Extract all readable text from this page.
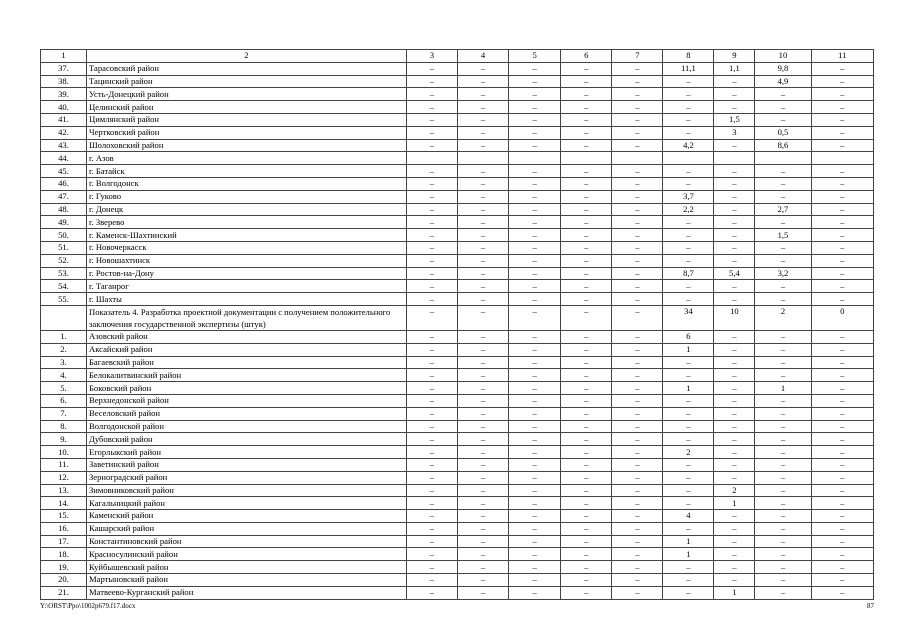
1	2	3	4	5	6	7	8	9	10	11
37.	Тарасовский район	–	–	–	–	–	11,1	1,1	9,8	–
38.	Тацинский район	–	–	–	–	–	–	–	4,9	–
39.	Усть-Донецкий район	–	–	–	–	–	–	–	–	–
40.	Целинский район	–	–	–	–	–	–	–	–	–
41.	Цимлянский район	–	–	–	–	–	–	1,5	–	–
42.	Чертковский район	–	–	–	–	–	–	3	0,5	–
43.	Шолоховский район	–	–	–	–	–	4,2	–	8,6	–
44.	г. Азов									
45.	г. Батайск	–	–	–	–	–	–	–	–	–
46.	г. Волгодонск	–	–	–	–	–	–	–	–	–
47.	г. Гуково	–	–	–	–	–	3,7	–	–	–
48.	г. Донецк	–	–	–	–	–	2,2	–	2,7	–
49.	г. Зверево	–	–	–	–	–	–	–	–	–
50.	г. Каменск-Шахтинский	–	–	–	–	–	–	–	1,5	–
51.	г. Новочеркасск	–	–	–	–	–	–	–	–	–
52.	г. Новошахтинск	–	–	–	–	–	–	–	–	–
53.	г. Ростов-на-Дону	–	–	–	–	–	8,7	5,4	3,2	–
54.	г. Таганрог	–	–	–	–	–	–	–	–	–
55.	г. Шахты	–	–	–	–	–	–	–	–	–
	Показатель 4. Разработка проектной документации с получением положительного заключения государственной экспертизы (штук)	–	–	–	–	–	34	10	2	0
1.	Азовский район	–	–	–	–	–	6	–	–	–
2.	Аксайский район	–	–	–	–	–	1	–	–	–
3.	Багаевский район	–	–	–	–	–	–	–	–	–
4.	Белокалитвинский район	–	–	–	–	–	–	–	–	–
5.	Боковский район	–	–	–	–	–	1	–	1	–
6.	Верхнедонской район	–	–	–	–	–	–	–	–	–
7.	Веселовский район	–	–	–	–	–	–	–	–	–
8.	Волгодонской район	–	–	–	–	–	–	–	–	–
9.	Дубовский район	–	–	–	–	–	–	–	–	–
10.	Егорлыкский район	–	–	–	–	–	2	–	–	–
11.	Заветинский район	–	–	–	–	–	–	–	–	–
12.	Зерноградский район	–	–	–	–	–	–	–	–	–
13.	Зимовниковский район	–	–	–	–	–	–	2	–	–
14.	Кагальницкий район	–	–	–	–	–	–	1	–	–
15.	Каменский район	–	–	–	–	–	4	–	–	–
16.	Кашарский район	–	–	–	–	–	–	–	–	–
17.	Константиновский район	–	–	–	–	–	1	–	–	–
18.	Красносулинский район	–	–	–	–	–	1	–	–	–
19.	Куйбышевский район	–	–	–	–	–	–	–	–	–
20.	Мартыновский район	–	–	–	–	–	–	–	–	–
21.	Матвеево-Курганский район	–	–	–	–	–	–	1	–	–
Y:\ORST\Ppo\1002p679.f17.docx	87
